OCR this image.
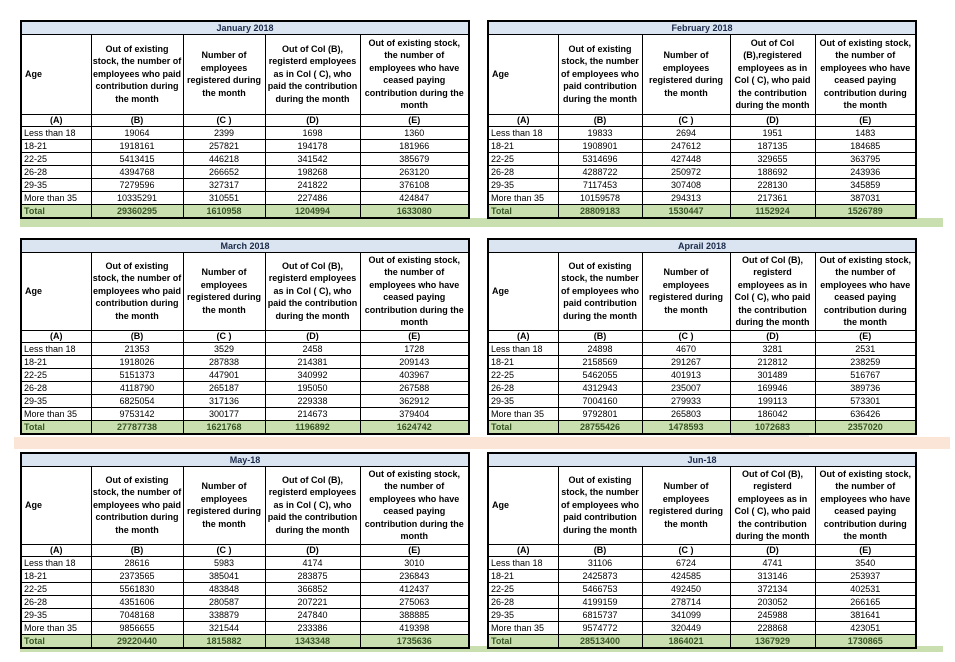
January 2018				
Age	Out of existing stock, the number of employees who paid contribution during the month	Number of employees registered during the month	Out of Col (B), registerd employees as in Col ( C), who paid the contribution during the month	Out of existing stock, the number of employees who have ceased paying contribution during the month
(A)	(B)	(C )	(D)	(E)
Less than 18	19064	2399	1698	1360
18-21	1918161	257821	194178	181966
22-25	5413415	446218	341542	385679
26-28	4394768	266652	198268	263120
29-35	7279596	327317	241822	376108
More than 35	10335291	310551	227486	424847
Total	29360295	1610958	1204994	1633080
February 2018				
Age	Out of existing stock, the number of employees who paid contribution during the month	Number of employees registered during the month	Out of Col (B),registered employees as in Col ( C), who paid the contribution during the month	Out of existing stock, the number of employees who have ceased paying contribution during the month
(A)	(B)	(C )	(D)	(E)
Less than 18	19833	2694	1951	1483
18-21	1908901	247612	187135	184685
22-25	5314696	427448	329655	363795
26-28	4288722	250972	188692	243936
29-35	7117453	307408	228130	345859
More than 35	10159578	294313	217361	387031
Total	28809183	1530447	1152924	1526789
March 2018				
Age	Out of existing stock, the number of employees who paid contribution during the month	Number of employees registered during the month	Out of Col (B), registerd employees as in Col ( C), who paid the contribution during the month	Out of existing stock, the number of employees who have ceased paying contribution during the month
(A)	(B)	(C )	(D)	(E)
Less than 18	21353	3529	2458	1728
18-21	1918026	287838	214381	209143
22-25	5151373	447901	340992	403967
26-28	4118790	265187	195050	267588
29-35	6825054	317136	229338	362912
More than 35	9753142	300177	214673	379404
Total	27787738	1621768	1196892	1624742
Aprail 2018				
Age	Out of existing stock, the number of employees who paid contribution during the month	Number of employees registered during the month	Out of Col (B), registerd employees as in Col ( C), who paid the contribution during the month	Out of existing stock, the number of employees who have ceased paying contribution during the month
(A)	(B)	(C )	(D)	(E)
Less than 18	24898	4670	3281	2531
18-21	2158569	291267	212812	238259
22-25	5462055	401913	301489	516767
26-28	4312943	235007	169946	389736
29-35	7004160	279933	199113	573301
More than 35	9792801	265803	186042	636426
Total	28755426	1478593	1072683	2357020
May-18				
Age	Out of existing stock, the number of employees who paid contribution during the month	Number of employees registered during the month	Out of Col (B), registerd employees as in Col ( C), who paid the contribution during the month	Out of existing stock, the number of employees who have ceased paying contribution during the month
(A)	(B)	(C )	(D)	(E)
Less than 18	28616	5983	4174	3010
18-21	2373565	385041	283875	236843
22-25	5561830	483848	366852	412437
26-28	4351606	280587	207221	275063
29-35	7048168	338879	247840	388885
More than 35	9856655	321544	233386	419398
Total	29220440	1815882	1343348	1735636
Jun-18				
Age	Out of existing stock, the number of employees who paid contribution during the month	Number of employees registered during the month	Out of Col (B), registerd employees as in Col ( C), who paid the contribution during the month	Out of existing stock, the number of employees who have ceased paying contribution during the month
(A)	(B)	(C )	(D)	(E)
Less than 18	31106	6724	4741	3540
18-21	2425873	424585	313146	253937
22-25	5466753	492450	372134	402531
26-28	4199159	278714	203052	266165
29-35	6815737	341099	245988	381641
More than 35	9574772	320449	228868	423051
Total	28513400	1864021	1367929	1730865
